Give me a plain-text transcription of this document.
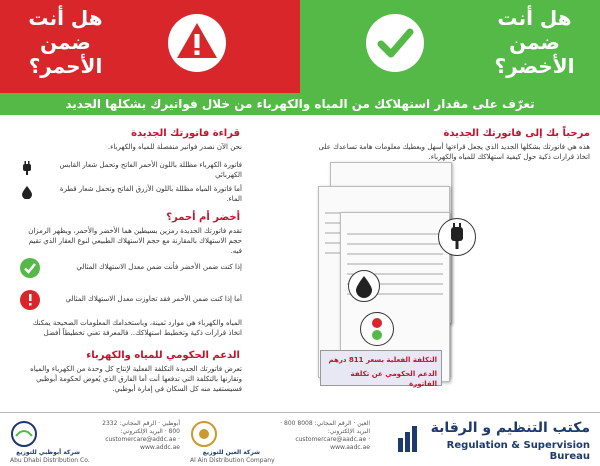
هل أنت ضمن الأحمر؟
هل أنت ضمن الأخضر؟
تعرّف على مقدار استهلاكك من المياه والكهرباء من خلال فواتيرك بشكلها الجديد
مرحباً بك إلى فاتورتك الجديدة
هذه هي فاتورتك بشكلها الجديد الذي يجعل قراءتها أسهل ويعطيك معلومات هامة تساعدك على اتخاذ قرارات ذكية حول كيفية استهلاكك للمياه والكهرباء.
التكلفة الفعلية بسعر 811 درهم
الدعم الحكومي عن تكلفة الفاتورة
قراءة فاتورتك الجديدة
نحن الآن نصدر فواتير منفصلة للمياه والكهرباء.
فاتورة الكهرباء مظللة باللون الأحمر الفاتح وتحمل شعار القابس الكهربائي
أما فاتورة المياه مظللة باللون الأزرق الفاتح وتحمل شعار قطرة الماء.
أخضر أم أحمر؟
تقدم فاتورتك الجديدة رمزين بسيطين هما الأخضر والأحمر، ويظهر الرمزان حجم الاستهلاك بالمقارنة مع حجم الاستهلاك الطبيعي لنوع العقار الذي تقيم فيه.
إذا كنت ضمن الأخضر فأنت ضمن معدل الاستهلاك المثالي
أما إذا كنت ضمن الأحمر فقد تجاوزت معدل الاستهلاك المثالي
المياه والكهرباء هي موارد ثمينة، وباستخدامك المعلومات الصحيحة يمكنك اتخاذ قرارات ذكية وتخطيط استهلاكك.. فالمعرفة تعني تخطيطاً أفضل
الدعم الحكومي للمياه والكهرباء
تعرض فاتورتك الجديدة التكلفة الفعلية لإنتاج كل وحدة من الكهرباء والمياه وتقارنها بالتكلفة التي تدفعها أنت أما الفارق الذي يُعوض لحكومة أبوظبي فسيستفيد منه كل السكان في إمارة أبوظبي.
شركة أبوظبي للتوزيع
Abu Dhabi Distribution Co.
أبوظبي · الرقم المجاني: 2332 800 · البريد الإلكتروني: customercare@addc.ae · www.addc.ae
شركة العين للتوزيع
Al Ain Distribution Company
العين · الرقم المجاني: 8008 800 · البريد الإلكتروني: customercare@aadc.ae · www.aadc.ae
مكتب التنظيم و الرقابة
Regulation & Supervision Bureau
